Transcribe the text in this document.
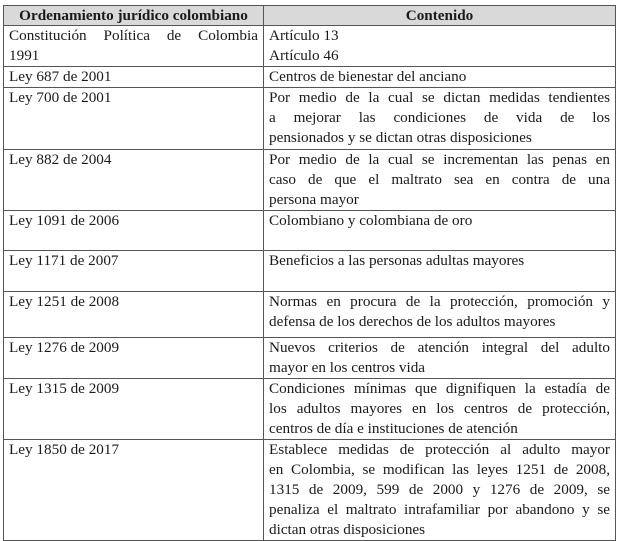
Ordenamiento jurídico colombiano	Contenido

Constitución Política de Colombia
1991	Artículo 13
Artículo 46

Ley 687 de 2001	Centros de bienestar del anciano

Ley 700 de 2001	Por medio de la cual se dictan medidas tendientes
a mejorar las condiciones de vida de los
pensionados y se dictan otras disposiciones

Ley 882 de 2004	Por medio de la cual se incrementan las penas en
caso de que el maltrato sea en contra de una
persona mayor

Ley 1091 de 2006	Colombiano y colombiana de oro

Ley 1171 de 2007	Beneficios a las personas adultas mayores

Ley 1251 de 2008	Normas en procura de la protección, promoción y
defensa de los derechos de los adultos mayores

Ley 1276 de 2009	Nuevos criterios de atención integral del adulto
mayor en los centros vida

Ley 1315 de 2009	Condiciones mínimas que dignifiquen la estadía de
los adultos mayores en los centros de protección,
centros de día e instituciones de atención

Ley 1850 de 2017	Establece medidas de protección al adulto mayor
en Colombia, se modifican las leyes 1251 de 2008,
1315 de 2009, 599 de 2000 y 1276 de 2009, se
penaliza el maltrato intrafamiliar por abandono y se
dictan otras disposiciones
